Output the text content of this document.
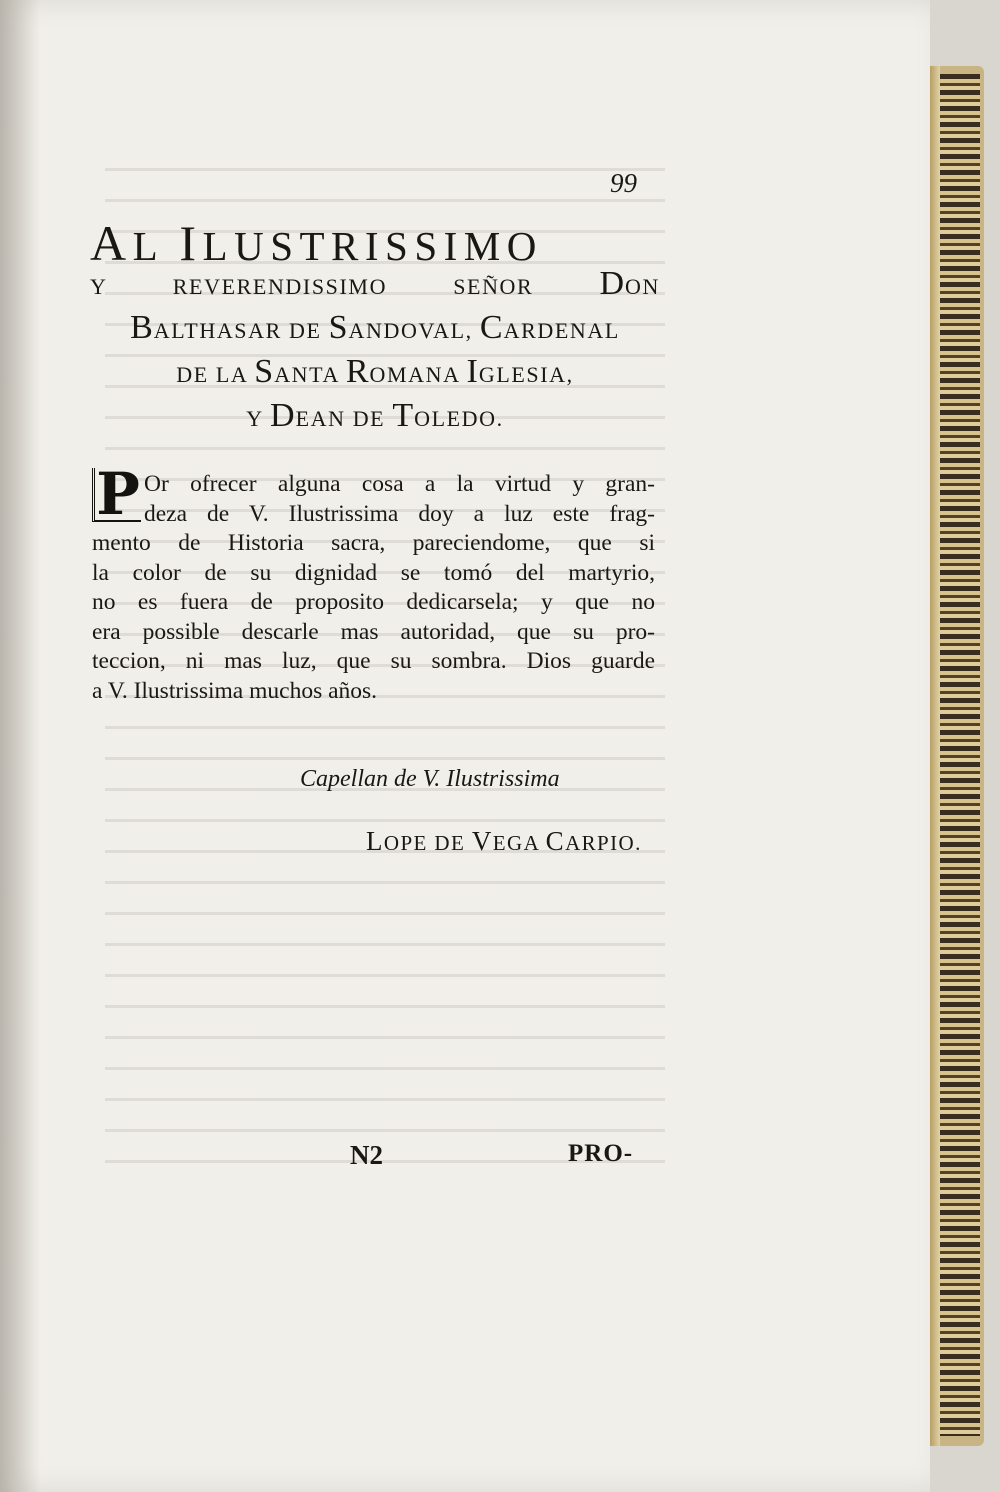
99
AL ILUSTRISSIMO
Y REVERENDISSIMO SEÑOR DON
BALTHASAR DE SANDOVAL, CARDENAL
DE LA SANTA ROMANA IGLESIA,
Y DEAN DE TOLEDO.
P Or ofrecer alguna cosa a la virtud y gran-
deza de V. Ilustrissima doy a luz este frag-
mento de Historia sacra, pareciendome, que si
la color de su dignidad se tomó del martyrio,
no es fuera de proposito dedicarsela; y que no
era possible descarle mas autoridad, que su pro-
teccion, ni mas luz, que su sombra. Dios guarde
a V. Ilustrissima muchos años.
Capellan de V. Ilustrissima
LOPE DE VEGA CARPIO.
N2	PRO-
